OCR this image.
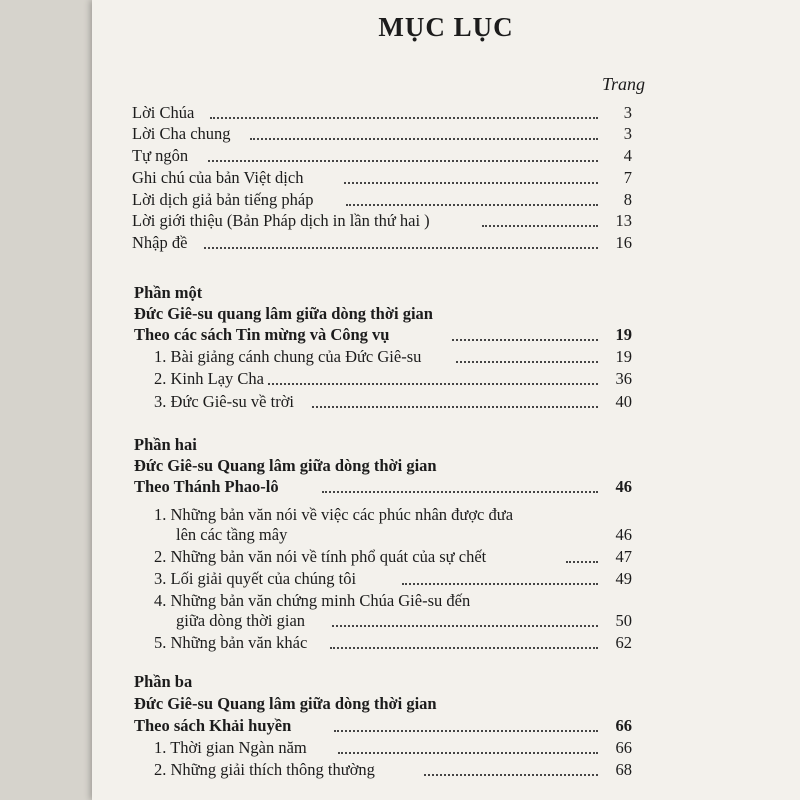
MỤC LỤC
Trang
Lời Chúa	3
Lời Cha chung	3
Tự ngôn	4
Ghi chú của bản Việt dịch	7
Lời dịch giả bản tiếng pháp	8
Lời giới thiệu (Bản Pháp dịch in lần thứ hai )	13
Nhập đề	16
Phần một
Đức Giê-su quang lâm giữa dòng thời gian
Theo các sách Tin mừng và Công vụ	19
1. Bài giảng cánh chung của Đức Giê-su	19
2. Kinh Lạy Cha	36
3. Đức Giê-su về trời	40
Phần hai
Đức Giê-su Quang lâm giữa dòng thời gian
Theo Thánh Phao-lô	46
1. Những bản văn nói về việc các phúc nhân được đưa
lên các tầng mây	46
2. Những bản văn nói về tính phổ quát của sự chết	47
3. Lối giải quyết của chúng tôi	49
4. Những bản văn chứng minh Chúa Giê-su đến
giữa dòng thời gian	50
5. Những bản văn khác	62
Phần ba
Đức Giê-su Quang lâm giữa dòng thời gian
Theo sách Khải huyền	66
1. Thời gian Ngàn năm	66
2. Những giải thích thông thường	68
